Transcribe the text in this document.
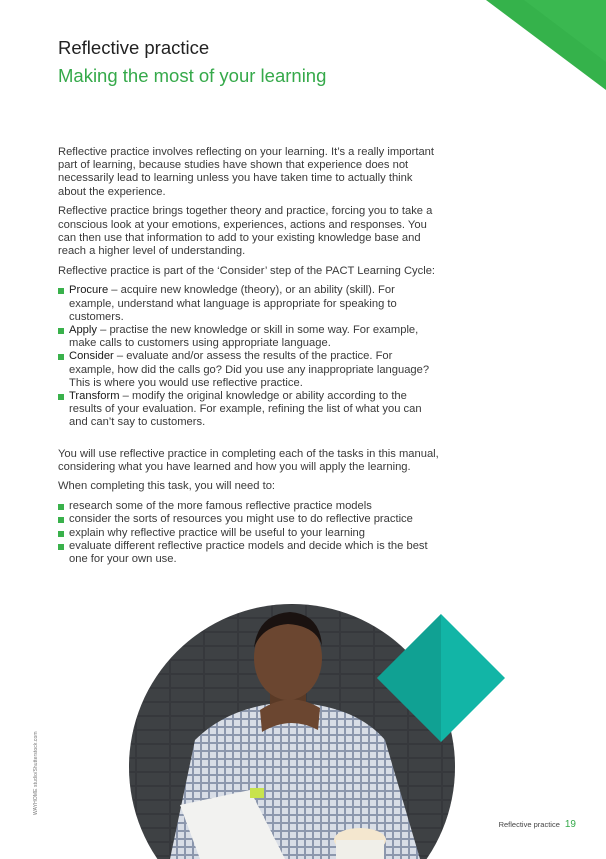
Reflective practice
Making the most of your learning

Reflective practice involves reflecting on your learning. It’s a really important part of learning, because studies have shown that experience does not necessarily lead to learning unless you have taken time to actually think about the experience.

Reflective practice brings together theory and practice, forcing you to take a conscious look at your emotions, experiences, actions and responses. You can then use that information to add to your existing knowledge base and reach a higher level of understanding.

Reflective practice is part of the ‘Consider’ step of the PACT Learning Cycle:

Procure – acquire new knowledge (theory), or an ability (skill). For example, understand what language is appropriate for speaking to customers.
Apply – practise the new knowledge or skill in some way. For example, make calls to customers using appropriate language.
Consider – evaluate and/or assess the results of the practice. For example, how did the calls go? Did you use any inappropriate language? This is where you would use reflective practice.
Transform – modify the original knowledge or ability according to the results of your evaluation. For example, refining the list of what you can and can’t say to customers.

You will use reflective practice in completing each of the tasks in this manual, considering what you have learned and how you will apply the learning.

When completing this task, you will need to:

research some of the more famous reflective practice models
consider the sorts of resources you might use to do reflective practice
explain why reflective practice will be useful to your learning
evaluate different reflective practice models and decide which is the best one for your own use.
WAYHOME studio/Shutterstock.com
Reflective practice 19
